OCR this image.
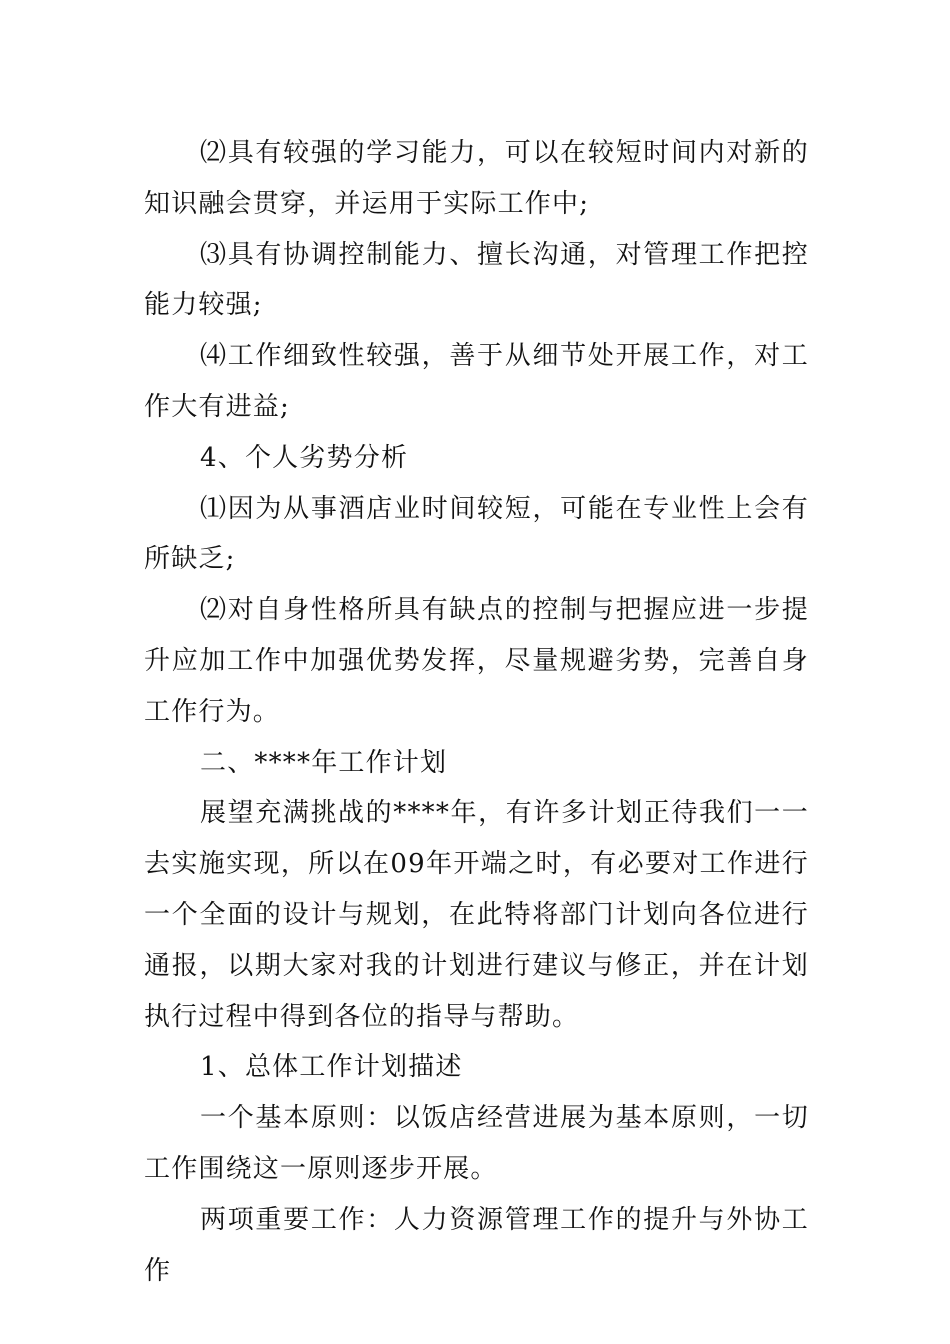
⑵具有较强的学习能力，可以在较短时间内对新的知识融会贯穿，并运用于实际工作中;

⑶具有协调控制能力、擅长沟通，对管理工作把控能力较强;

⑷工作细致性较强，善于从细节处开展工作，对工作大有进益;

4、个人劣势分析

⑴因为从事酒店业时间较短，可能在专业性上会有所缺乏;

⑵对自身性格所具有缺点的控制与把握应进一步提升应加工作中加强优势发挥，尽量规避劣势，完善自身工作行为。

二、****年工作计划

展望充满挑战的****年，有许多计划正待我们一一去实施实现，所以在09年开端之时，有必要对工作进行一个全面的设计与规划，在此特将部门计划向各位进行通报，以期大家对我的计划进行建议与修正，并在计划执行过程中得到各位的指导与帮助。

1、总体工作计划描述

一个基本原则：以饭店经营进展为基本原则，一切工作围绕这一原则逐步开展。

两项重要工作：人力资源管理工作的提升与外协工作
